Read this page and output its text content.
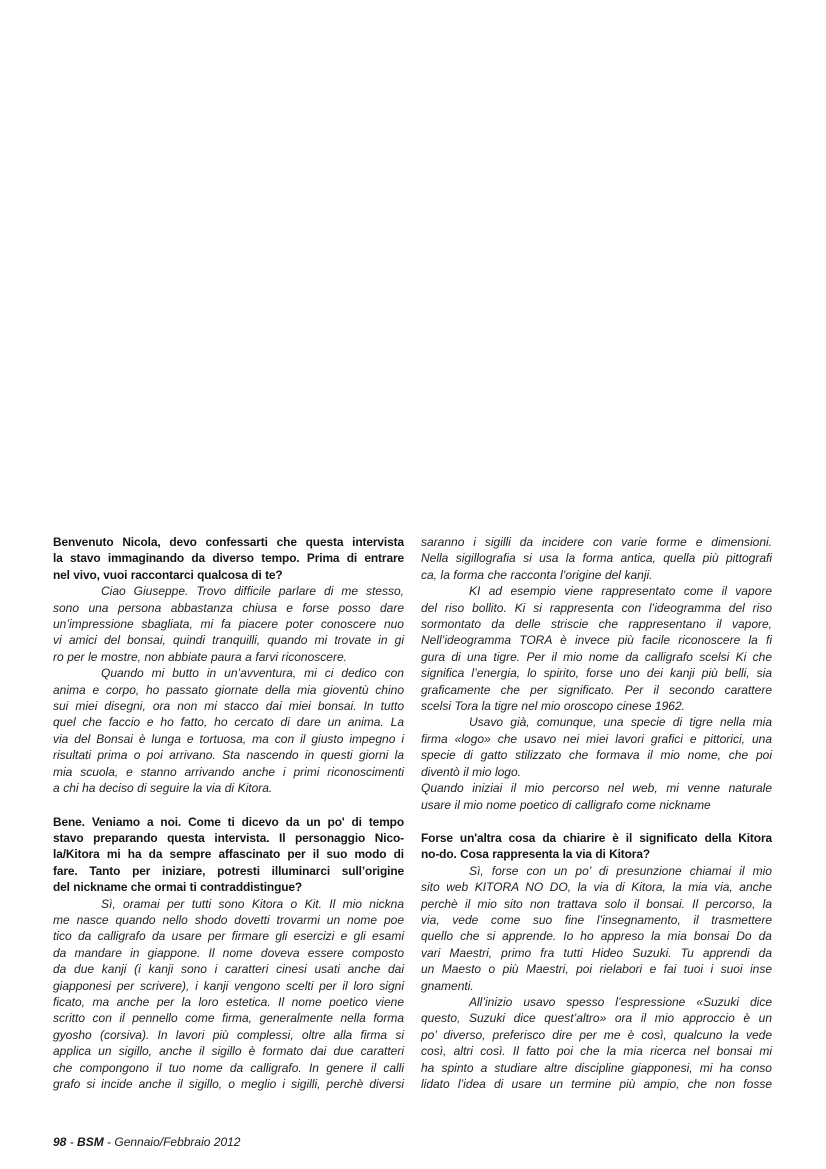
Benvenuto Nicola, devo confessarti che questa intervista
la stavo immaginando da diverso tempo. Prima di entrare
nel vivo, vuoi raccontarci qualcosa di te?
Ciao Giuseppe. Trovo difficile parlare di me stesso,
sono una persona abbastanza chiusa e forse posso dare
un’impressione sbagliata, mi fa piacere poter conoscere nuo
vi amici del bonsai, quindi tranquilli, quando mi trovate in gi
ro per le mostre, non abbiate paura a farvi riconoscere.
Quando mi butto in un’avventura, mi ci dedico con
anima e corpo, ho passato giornate della mia gioventù chino
sui miei disegni, ora non mi stacco dai miei bonsai. In tutto
quel che faccio e ho fatto, ho cercato di dare un anima. La
via del Bonsai è lunga e tortuosa, ma con il giusto impegno i
risultati prima o poi arrivano. Sta nascendo in questi giorni la
mia scuola, e stanno arrivando anche i primi riconoscimenti
a chi ha deciso di seguire la via di Kitora.
Bene. Veniamo a noi. Come ti dicevo da un po' di tempo
stavo preparando questa intervista. Il personaggio Nico-
la/Kitora mi ha da sempre affascinato per il suo modo di
fare. Tanto per iniziare, potresti illuminarci sull’origine
del nickname che ormai ti contraddistingue?
Sì, oramai per tutti sono Kitora o Kit. Il mio nickna
me nasce quando nello shodo dovetti trovarmi un nome poe
tico da calligrafo da usare per firmare gli esercizi e gli esami
da mandare in giappone. Il nome doveva essere composto
da due kanji (i kanji sono i caratteri cinesi usati anche dai
giapponesi per scrivere), i kanji vengono scelti per il loro signi
ficato, ma anche per la loro estetica. Il nome poetico viene
scritto con il pennello come firma, generalmente nella forma
gyosho (corsiva). In lavori più complessi, oltre alla firma si
applica un sigillo, anche il sigillo è formato dai due caratteri
che compongono il tuo nome da calligrafo. In genere il calli
grafo si incide anche il sigillo, o meglio i sigilli, perchè diversi
saranno i sigilli da incidere con varie forme e dimensioni.
Nella sigillografia si usa la forma antica, quella più pittografi
ca, la forma che racconta l’origine del kanji.
KI ad esempio viene rappresentato come il vapore
del riso bollito. Ki si rappresenta con l’ideogramma del riso
sormontato da delle striscie che rappresentano il vapore,
Nell’ideogramma TORA è invece più facile riconoscere la fi
gura di una tigre. Per il mio nome da calligrafo scelsi Ki che
significa l’energia, lo spirito, forse uno dei kanji più belli, sia
graficamente che per significato. Per il secondo carattere
scelsi Tora la tigre nel mio oroscopo cinese 1962.
Usavo già, comunque, una specie di tigre nella mia
firma «logo» che usavo nei miei lavori grafici e pittorici, una
specie di gatto stilizzato che formava il mio nome, che poi
diventò il mio logo.
Quando iniziai il mio percorso nel web, mi venne naturale
usare il mio nome poetico di calligrafo come nickname
Forse un'altra cosa da chiarire è il significato della Kitora
no-do. Cosa rappresenta la via di Kitora?
Sì, forse con un po’ di presunzione chiamai il mio
sito web KITORA NO DO, la via di Kitora, la mia via, anche
perchè il mio sito non trattava solo il bonsai. Il percorso, la
via, vede come suo fine l’insegnamento, il trasmettere
quello che si apprende. Io ho appreso la mia bonsai Do da
vari Maestri, primo fra tutti Hideo Suzuki. Tu apprendi da
un Maesto o più Maestri, poi rielabori e fai tuoi i suoi inse
gnamenti.
All’inizio usavo spesso l’espressione «Suzuki dice
questo, Suzuki dice quest’altro» ora il mio approccio è un
po’ diverso, preferisco dire per me è così, qualcuno la vede
così, altri così. Il fatto poi che la mia ricerca nel bonsai mi
ha spinto a studiare altre discipline giapponesi, mi ha conso
lidato l’idea di usare un termine più ampio, che non fosse
98 - BSM - Gennaio/Febbraio 2012
